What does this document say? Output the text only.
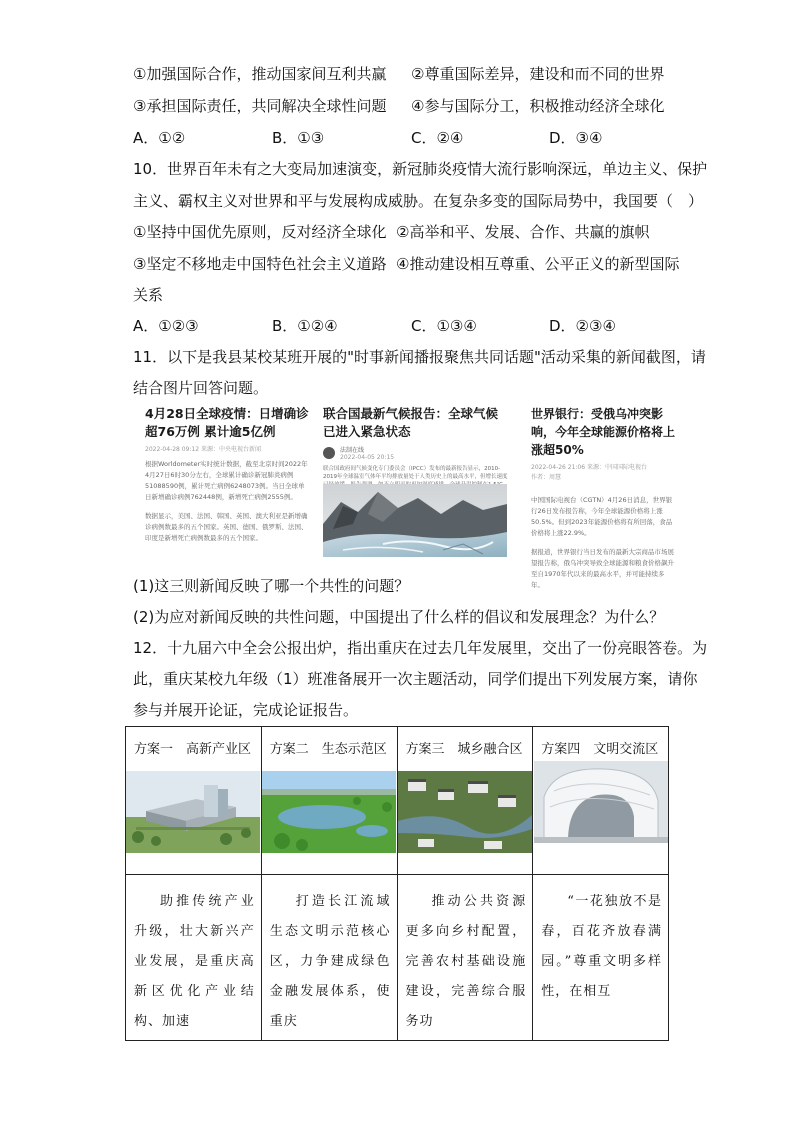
①加强国际合作，推动国家间互利共赢 ②尊重国际差异，建设和而不同的世界
③承担国际责任，共同解决全球性问题 ④参与国际分工，积极推动经济全球化
A．①②	B．①③	C．②④	D．③④
10．世界百年未有之大变局加速演变，新冠肺炎疫情大流行影响深远，单边主义、保护
主义、霸权主义对世界和平与发展构成威胁。在复杂多变的国际局势中，我国要（　）
①坚持中国优先原则，反对经济全球化 ②高举和平、发展、合作、共赢的旗帜
③坚定不移地走中国特色社会主义道路 ④推动建设相互尊重、公平正义的新型国际
关系
A．①②③	B．①②④	C．①③④	D．②③④
11．以下是我县某校某班开展的"时事新闻播报聚焦共同话题"活动采集的新闻截图，请
结合图片回答问题。
4月28日全球疫情：日增确诊超76万例 累计逾5亿例
2022-04-28 09:12 来源：中央电视台新闻
根据Worldometer实时统计数据，截至北京时间2022年4月27日6时30分左右，全球累计确诊新冠肺炎病例51088590例，累计死亡病例6248073例。当日全球单日新增确诊病例762448例，新增死亡病例2555例。
数据显示，美国、法国、韩国、英国、澳大利亚是新增确诊病例数最多的五个国家。英国、德国、俄罗斯、法国、印度是新增死亡病例数最多的五个国家。
联合国最新气候报告：全球气候已进入紧急状态
法制在线
2022-04-05 20:15
联合国政府间气候变化专门委员会（IPCC）发布的最新报告显示，2010-2019年全球温室气体年平均排放量处于人类历史上的最高水平，但增长速度
世界银行：受俄乌冲突影响，今年全球能源价格将上涨超50%
2022-04-26 21:06 来源：中国国际电视台
作者：周慧
中国国际电视台（CGTN）4月26日消息，世界银行26日发布报告称，今年全球能源价格将上涨50.5%。但到2023年能源价格将有所回落，食品价格将上涨22.9%。
据报道，世界银行当日发布的最新大宗商品市场展望报告称，俄乌冲突导致全球能源和粮食价格飙升至自1970年代以来的最高水平，并可能持续多年。
(1)这三则新闻反映了哪一个共性的问题？
(2)为应对新闻反映的共性问题，中国提出了什么样的倡议和发展理念？为什么？
12．十九届六中全会公报出炉，指出重庆在过去几年发展里，交出了一份亮眼答卷。为
此，重庆某校九年级（1）班准备展开一次主题活动，同学们提出下列发展方案，请你
参与并展开论证，完成论证报告。
方案一　高新产业区	方案二　生态示范区	方案三　城乡融合区	方案四　文明交流区

助推传统产业升级，壮大新兴产业发展，是重庆高新区优化产业结构、加速	打造长江流域生态文明示范核心区，力争建成绿色金融发展体系，使重庆	推动公共资源更多向乡村配置，完善农村基础设施建设，完善综合服务功	“一花独放不是春，百花齐放春满园。”尊重文明多样性，在相互
